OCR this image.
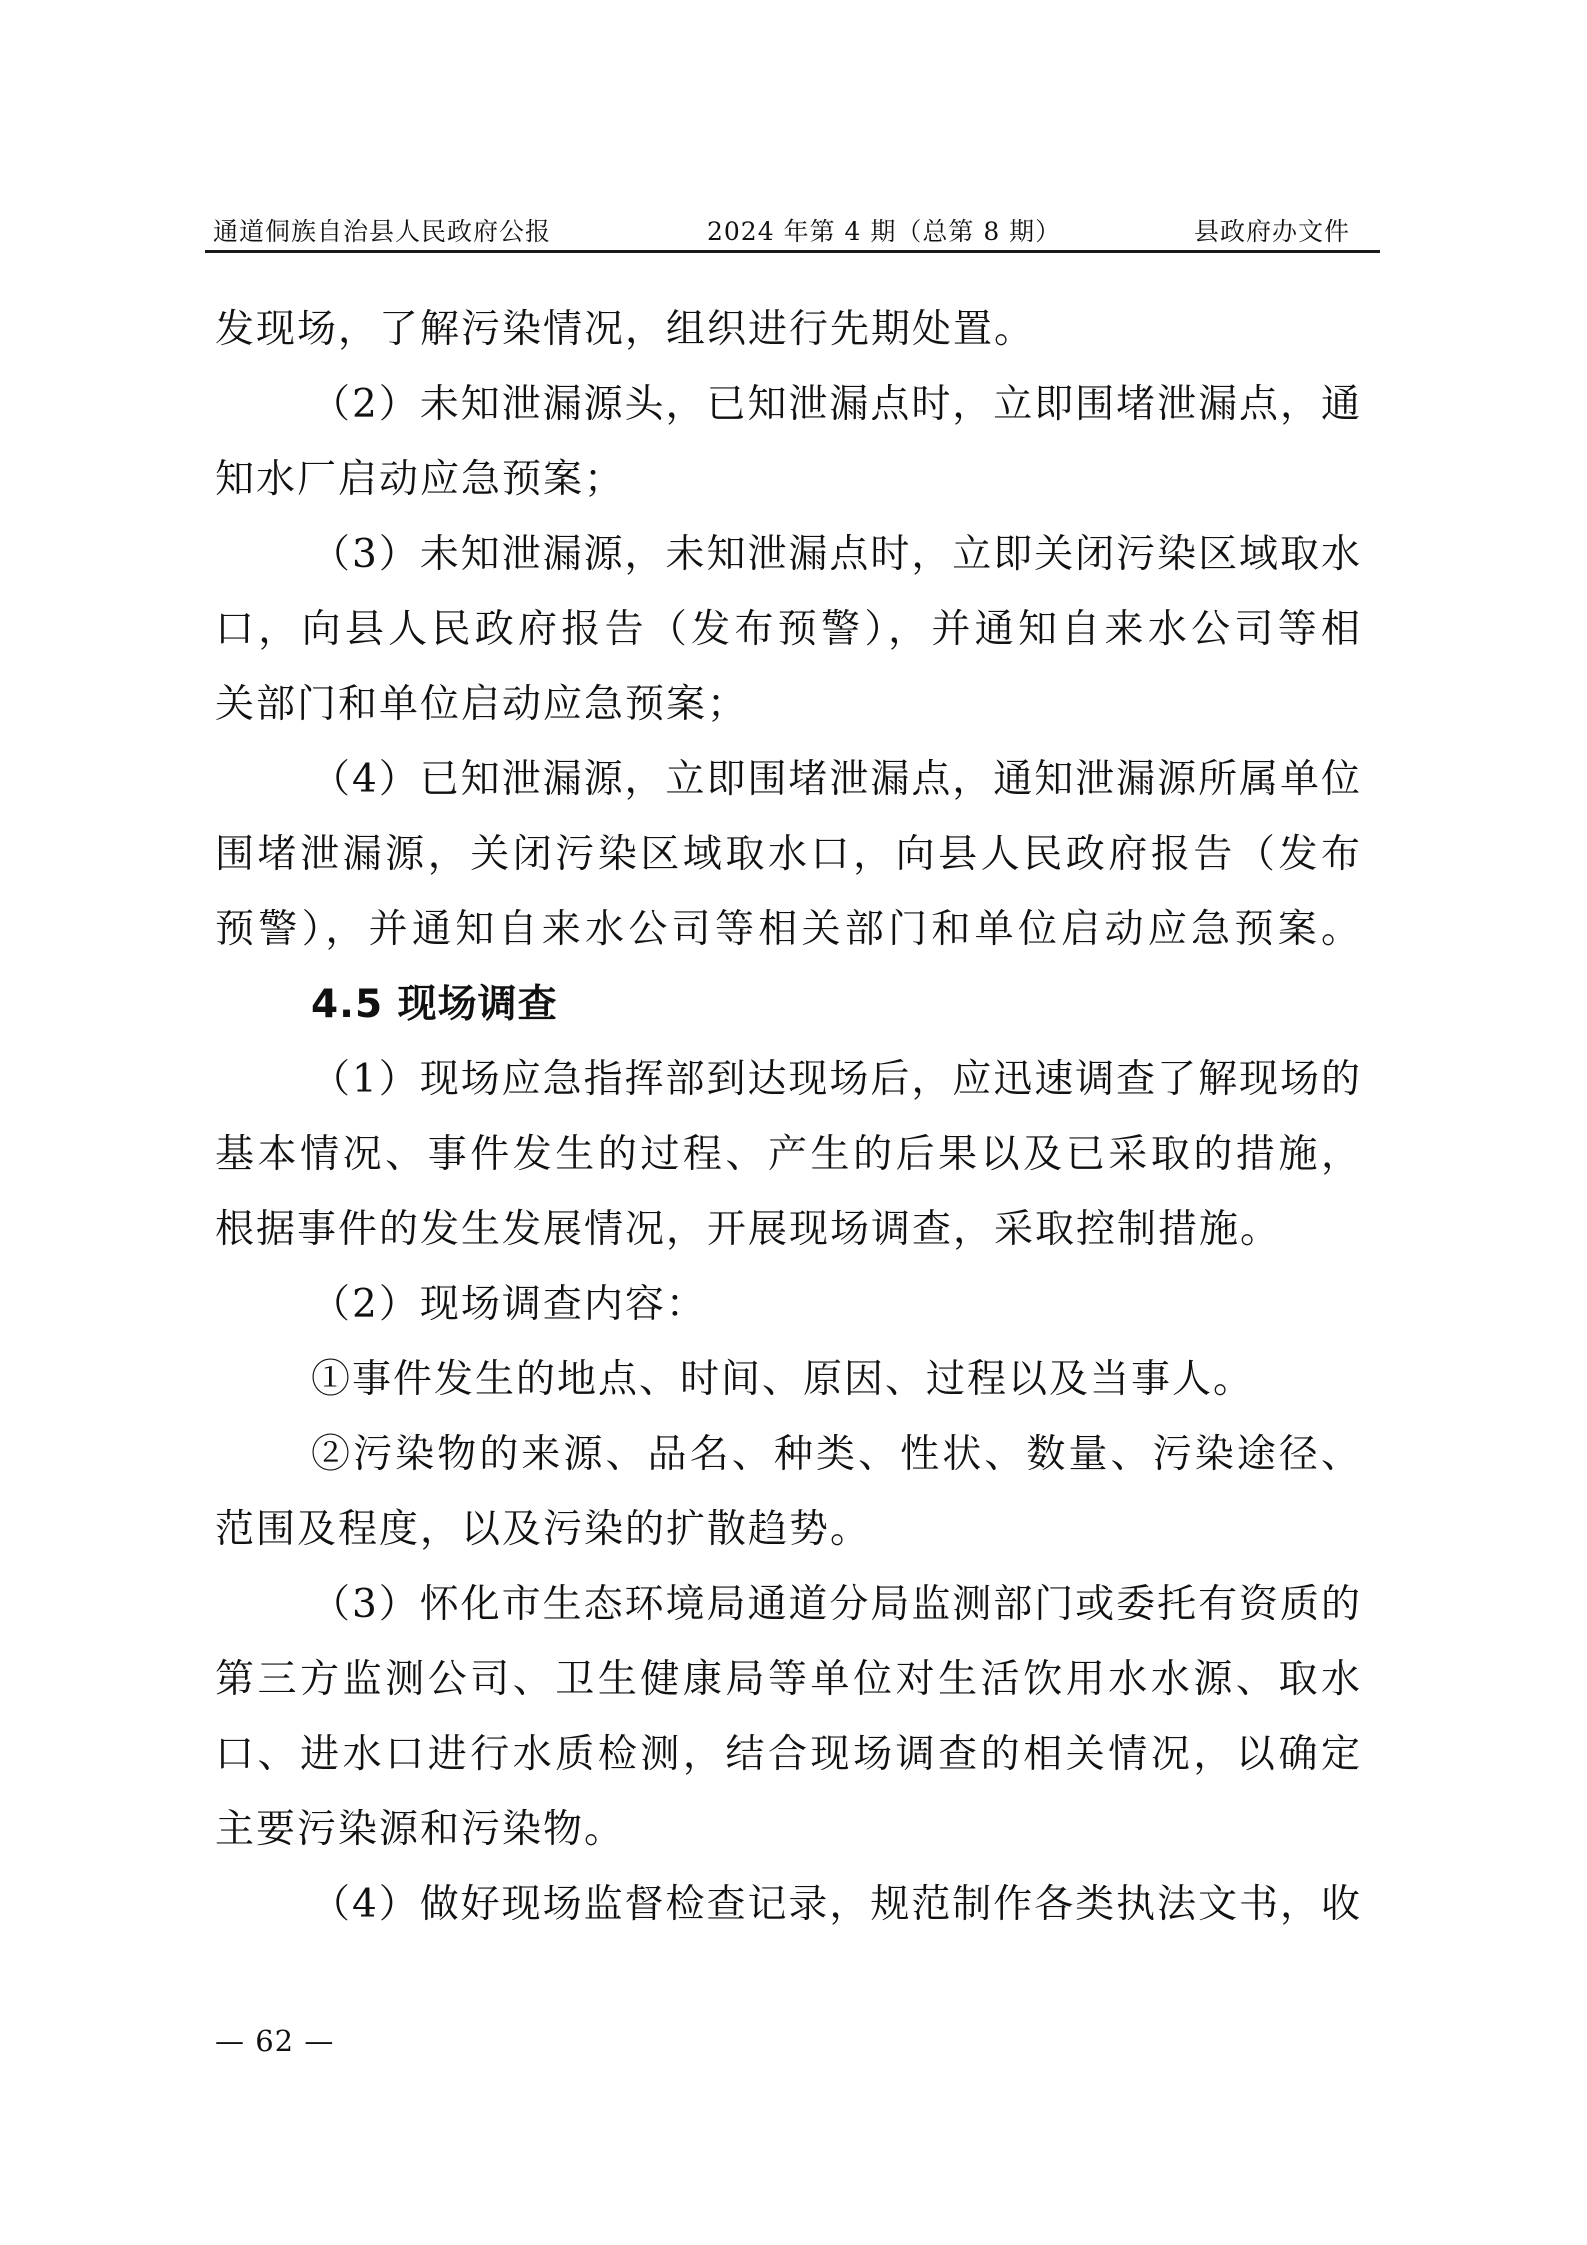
通道侗族自治县人民政府公报	2024 年第 4 期（总第 8 期）	县政府办文件
发现场，了解污染情况，组织进行先期处置。
（2）未知泄漏源头，已知泄漏点时，立即围堵泄漏点，通
知水厂启动应急预案；
（3）未知泄漏源，未知泄漏点时，立即关闭污染区域取水
口，向县人民政府报告（发布预警），并通知自来水公司等相
关部门和单位启动应急预案；
（4）已知泄漏源，立即围堵泄漏点，通知泄漏源所属单位
围堵泄漏源，关闭污染区域取水口，向县人民政府报告（发布
预警），并通知自来水公司等相关部门和单位启动应急预案。
4.5 现场调查
（1）现场应急指挥部到达现场后，应迅速调查了解现场的
基本情况、事件发生的过程、产生的后果以及已采取的措施，
根据事件的发生发展情况，开展现场调查，采取控制措施。
（2）现场调查内容：
①事件发生的地点、时间、原因、过程以及当事人。
②污染物的来源、品名、种类、性状、数量、污染途径、
范围及程度，以及污染的扩散趋势。
（3）怀化市生态环境局通道分局监测部门或委托有资质的
第三方监测公司、卫生健康局等单位对生活饮用水水源、取水
口、进水口进行水质检测，结合现场调查的相关情况，以确定
主要污染源和污染物。
（4）做好现场监督检查记录，规范制作各类执法文书，收
— 62 —
